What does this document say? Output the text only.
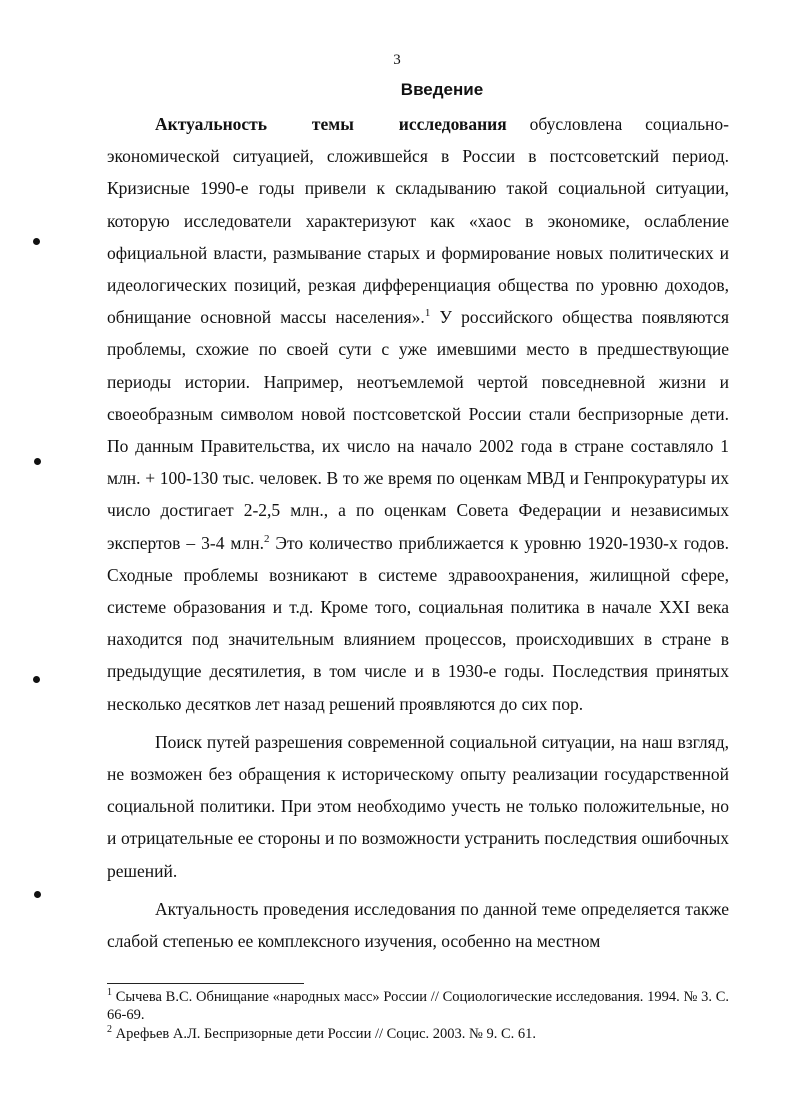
3
Введение

Актуальность темы исследования обусловлена социально-экономической ситуацией, сложившейся в России в постсоветский период. Кризисные 1990-е годы привели к складыванию такой социальной ситуации, которую исследователи характеризуют как «хаос в экономике, ослабление официальной власти, размывание старых и формирование новых политических и идеологических позиций, резкая дифференциация общества по уровню доходов, обнищание основной массы населения».$^1$ У российского общества появляются проблемы, схожие по своей сути с уже имевшими место в предшествующие периоды истории. Например, неотъемлемой чертой повседневной жизни и своеобразным символом новой постсоветской России стали беспризорные дети. По данным Правительства, их число на начало 2002 года в стране составляло 1 млн. + 100-130 тыс. человек. В то же время по оценкам МВД и Генпрокуратуры их число достигает 2-2,5 млн., а по оценкам Совета Федерации и независимых экспертов – 3-4 млн.$^2$ Это количество приближается к уровню 1920-1930-х годов. Сходные проблемы возникают в системе здравоохранения, жилищной сфере, системе образования и т.д. Кроме того, социальная политика в начале XXI века находится под значительным влиянием процессов, происходивших в стране в предыдущие десятилетия, в том числе и в 1930-е годы. Последствия принятых несколько десятков лет назад решений проявляются до сих пор.

Поиск путей разрешения современной социальной ситуации, на наш взгляд, не возможен без обращения к историческому опыту реализации государственной социальной политики. При этом необходимо учесть не только положительные, но и отрицательные ее стороны и по возможности устранить последствия ошибочных решений.

Актуальность проведения исследования по данной теме определяется также слабой степенью ее комплексного изучения, особенно на местном

$^1$ Сычева В.С. Обнищание «народных масс» России // Социологические исследования. 1994. № 3. С. 66-69.

$^2$ Арефьев А.Л. Беспризорные дети России // Социс. 2003. № 9. С. 61.
